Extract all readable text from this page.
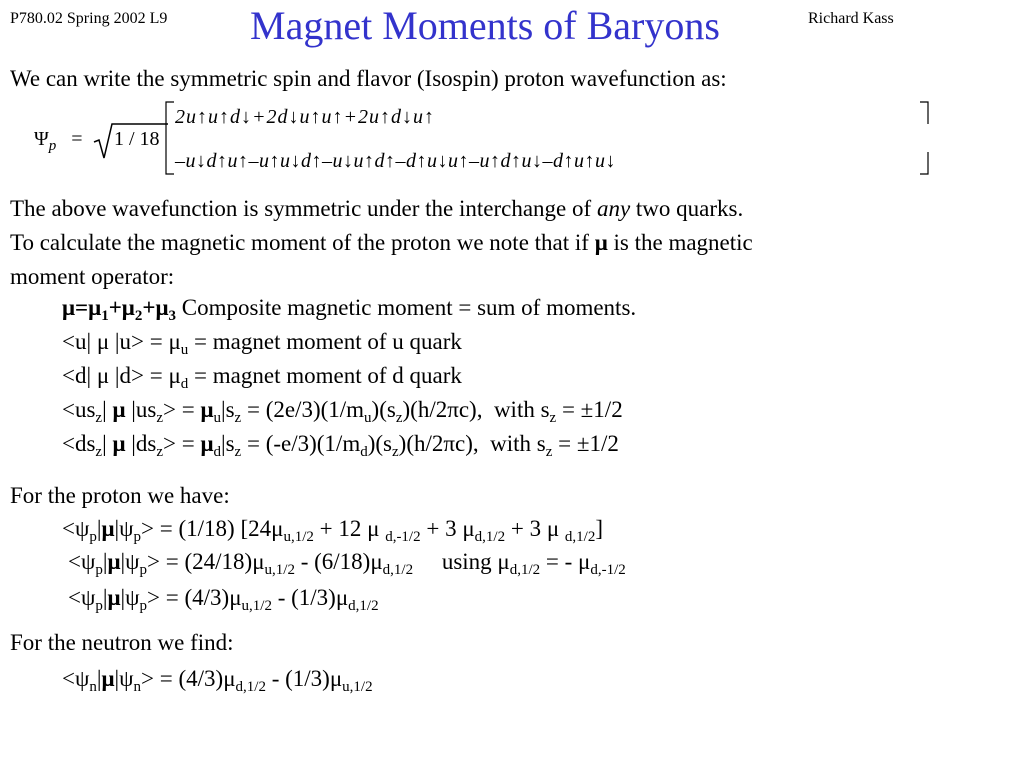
P780.02 Spring 2002 L9 Magnet Moments of Baryons	Richard Kass
We can write the symmetric spin and flavor (Isospin) proton wavefunction as:
$\Psi_p = 1 / 18$
2u↑u↑d↓+2d↓u↑u↑+2u↑d↓u↑
–u↓d↑u↑–u↑u↓d↑–u↓u↑d↑–d↑u↓u↑–u↑d↑u↓–d↑u↑u↓
The above wavefunction is symmetric under the interchange of any two quarks.
To calculate the magnetic moment of the proton we note that if μ is the magnetic
moment operator:
$\mu=\mu_1+\mu_2+\mu_3$ Composite magnetic moment = sum of moments.
<u| μ $|u> = \mu_u$ = magnet moment of u quark
<d| μ $|d> = \mu_d$ = magnet moment of d quark
$<us_z|$ μ $|us_z> = \mu_u|s_z = (2e/3)(1/m_u)(s_z)(h/2\pi c)$,  with $s_z = \pm 1/2$
$<ds_z|$ μ $|ds_z> = \mu_d|s_z = (-e/3)(1/m_d)(s_z)(h/2\pi c)$,  with $s_z = \pm 1/2$
For the proton we have:
$<\psi_p|\mu|\psi_p> = (1/18) [24\mu_{u,1/2} + 12$ μ $_{d,-1/2}$ + 3 $\mu_{d,1/2} + 3$ μ $_{d,1/2}$]
$<\psi_p|\mu|\psi_p> = (24/18)\mu_{u,1/2} - (6/18)\mu_{d,1/2}$     using $\mu_{d,1/2}$ = - $\mu_{d,-1/2}$
$<\psi_p|\mu|\psi_p> = (4/3)\mu_{u,1/2} - (1/3)\mu_{d,1/2}$
For the neutron we find:
$<\psi_n|\mu|\psi_n> = (4/3)\mu_{d,1/2} - (1/3)\mu_{u,1/2}$
